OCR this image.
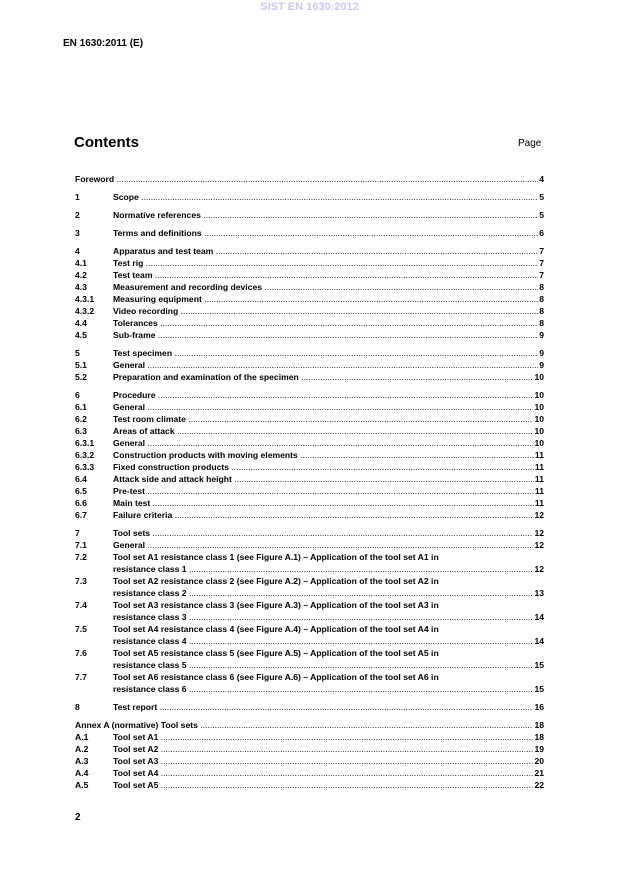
SIST EN 1630:2012
EN 1630:2011 (E)
Contents	Page
Foreword .....	4
1	Scope .....	5
2	Normative references .....	5
3	Terms and definitions .....	6
4	Apparatus and test team .....	7
4.1	Test rig .....	7
4.2	Test team .....	7
4.3	Measurement and recording devices .....	8
4.3.1	Measuring equipment .....	8
4.3.2	Video recording .....	8
4.4	Tolerances .....	8
4.5	Sub-frame .....	9
5	Test specimen .....	9
5.1	General .....	9
5.2	Preparation and examination of the specimen .....	10
6	Procedure .....	10
6.1	General .....	10
6.2	Test room climate .....	10
6.3	Areas of attack .....	10
6.3.1	General .....	10
6.3.2	Construction products with moving elements .....	11
6.3.3	Fixed construction products .....	11
6.4	Attack side and attack height .....	11
6.5	Pre-test .....	11
6.6	Main test .....	11
6.7	Failure criteria .....	12
7	Tool sets .....	12
7.1	General .....	12
7.2	Tool set A1 resistance class 1 (see Figure A.1) – Application of the tool set A1 in
resistance class 1 .....	12
7.3	Tool set A2 resistance class 2 (see Figure A.2) – Application of the tool set A2 in
resistance class 2 .....	13
7.4	Tool set A3 resistance class 3 (see Figure A.3) – Application of the tool set A3 in
resistance class 3 .....	14
7.5	Tool set A4 resistance class 4 (see Figure A.4) – Application of the tool set A4 in
resistance class 4 .....	14
7.6	Tool set A5 resistance class 5 (see Figure A.5) – Application of the tool set A5 in
resistance class 5 .....	15
7.7	Tool set A6 resistance class 6 (see Figure A.6) – Application of the tool set A6 in
resistance class 6 .....	15
8	Test report .....	16
Annex A (normative) Tool sets .....	18
A.1	Tool set A1 .....	18
A.2	Tool set A2 .....	19
A.3	Tool set A3 .....	20
A.4	Tool set A4 .....	21
A.5	Tool set A5 .....	22
2
